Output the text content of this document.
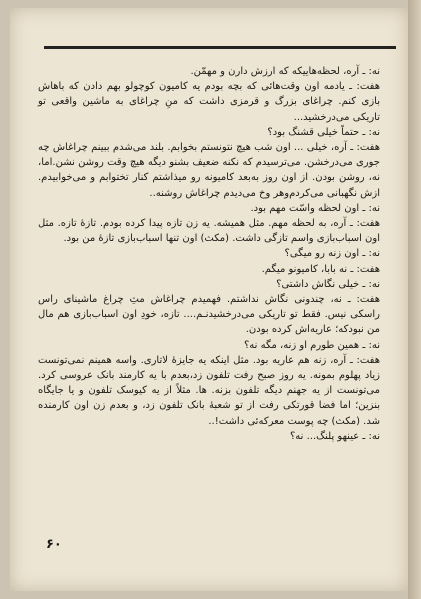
نه: ـ آره، لحظه‌هاییکه که ارزش دارن و مهمّن.

هفت: ـ یادمه اون وقت‌هائی که بچه بودم یه کامیون کوچولو بهم دادن که باهاش بازی کنم. چراغای بزرگ و قرمزی داشت که منِ چراغای به ماشین واقعی تو تاریکی می‌درخشید...

نه: ـ حتماً خیلی قشنگ بود؟

هفت: ـ آره، خیلی ... اون شب هیچ نتونستم بخوابم. بلند می‌شدم ببینم چراغاش چه جوری می‌درخشن. می‌ترسیدم که نکنه ضعیف بشنو دیگه هیچ وقت روشن نشن.اما، نه، روشن بودن. از اون روز به‌بعد کامیونه رو میذاشتم کنار تختوابم و می‌خوابیدم. ازش نگهبانی می‌کردم‌وهر وخ می‌دیدم چراغاش روشنه..

نه: ـ اون لحظه واسّت مهم بود.

هفت: ـ آره، به لحظه مهم. مثل همیشه. یه زن تازه پیدا کرده بودم. تازهٔ تازه. مثل اون اسباب‌بازی واسم تازگی داشت. (مکث) اون تنها اسباب‌بازی تازهٔ من بود.

نه: ـ اون زنه رو میگی؟

هفت: ـ نه بابا، کامیونو میگم.

نه: ـ خیلی نگاش داشتی؟

هفت: ـ نه، چندونی نگاش نداشتم. فهمیدم چراغاش مثِ چراغ ماشینای راس راسکی نیس. فقط تو تاریکی می‌درخشیدنـم.... تازه، خودِ اون اسباب‌بازی هم مال من نبودکه؛ عاریه‌اش کرده بودن.

نه: ـ همین طورم او زنه، مگه نه؟

هفت: ـ آره، زنه هم عاریه بود. مثل اینکه یه جایزهٔ لاتاری. واسه همینم نمی‌تونست زیاد پهلوم بمونه. یه روز صبح رفت تلفون زد،بعدم با یه کارمند بانک عروسی کرد. می‌تونست از یه جهنم دیگه تلفون بزنه. ها. مثلاً از یه کیوسک تلفون و یا جایگاه بنزین؛ اما فضا قورتکی رفت از تو شعبهٔ بانک تلفون زد، و بعدم زن اون کارمنده شد. (مکث) چه پوست معرکه‌ئی داشت!..

نه: ـ عینهو پلنگ... نه؟

۶۰
